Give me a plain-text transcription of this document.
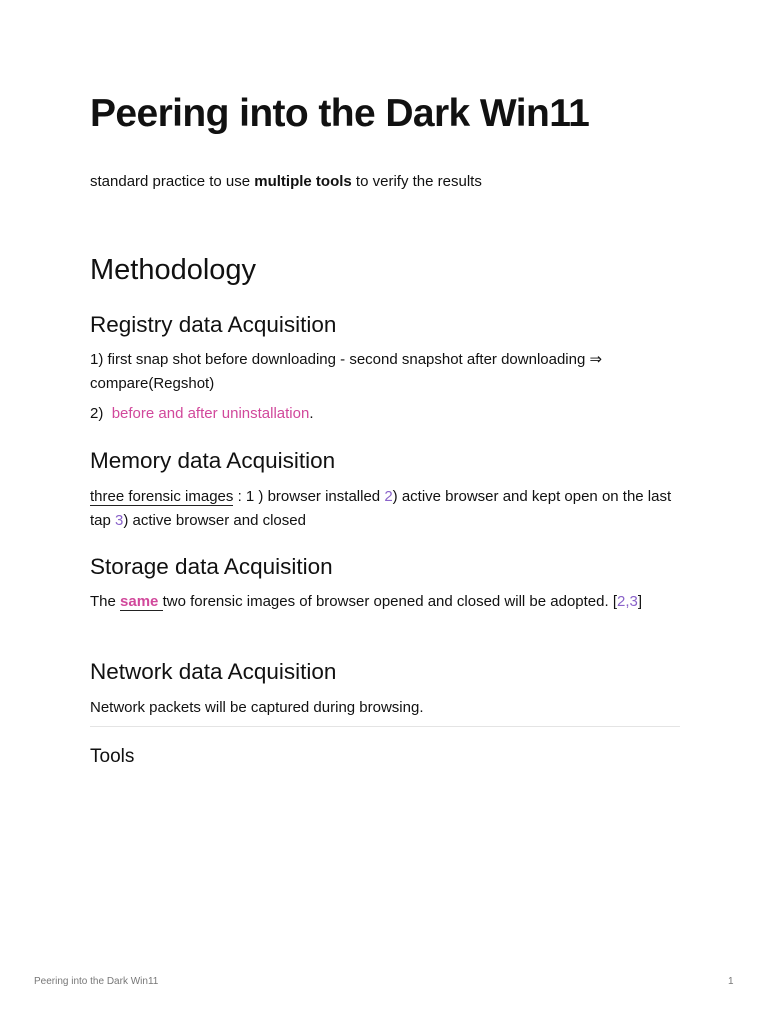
Peering into the Dark Win11

standard practice to use multiple tools to verify the results

Methodology
Registry data Acquisition

1) first snap shot before downloading - second snapshot after downloading ⇒ compare(Regshot)

2)  before and after uninstallation.

Memory data Acquisition

three forensic images : 1 ) browser installed 2) active browser and kept open on the last tap 3) active browser and closed

Storage data Acquisition

The same two forensic images of browser opened and closed will be adopted. [2,3]

Network data Acquisition

Network packets will be captured during browsing.

Tools
Peering into the Dark Win11	1
